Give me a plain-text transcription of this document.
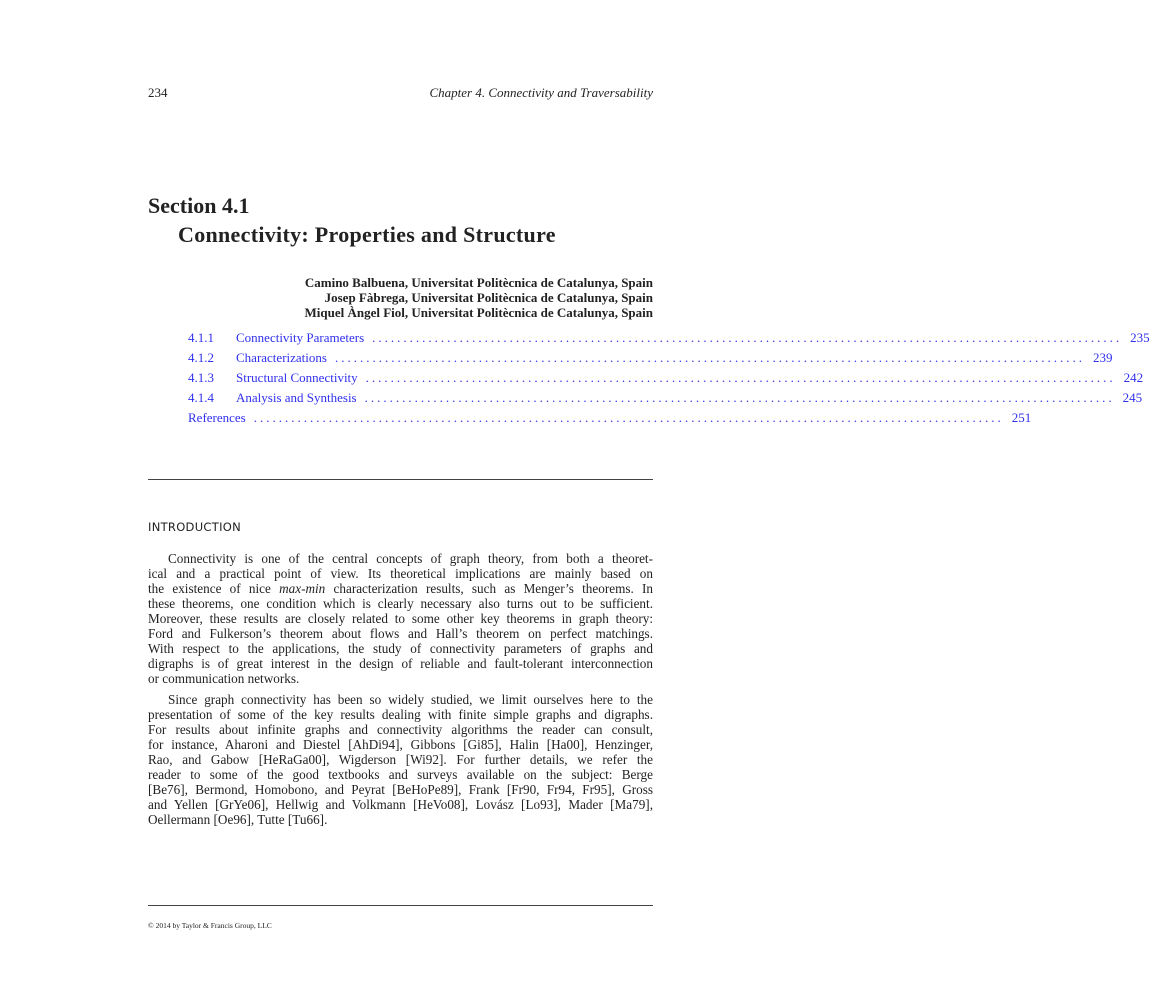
234	Chapter 4. Connectivity and Traversability
Section 4.1
Connectivity: Properties and Structure
Camino Balbuena, Universitat Politècnica de Catalunya, Spain
Josep Fàbrega, Universitat Politècnica de Catalunya, Spain
Miquel Àngel Fiol, Universitat Politècnica de Catalunya, Spain
4.1.1	Connectivity Parameters ........................................................................................................................ 235
4.1.2	Characterizations ........................................................................................................................ 239
4.1.3	Structural Connectivity ........................................................................................................................ 242
4.1.4	Analysis and Synthesis ........................................................................................................................ 245
References ........................................................................................................................ 251
INTRODUCTION
Connectivity is one of the central concepts of graph theory, from both a theoret-
ical and a practical point of view. Its theoretical implications are mainly based on
the existence of nice max-min characterization results, such as Menger’s theorems. In
these theorems, one condition which is clearly necessary also turns out to be sufficient.
Moreover, these results are closely related to some other key theorems in graph theory:
Ford and Fulkerson’s theorem about flows and Hall’s theorem on perfect matchings.
With respect to the applications, the study of connectivity parameters of graphs and
digraphs is of great interest in the design of reliable and fault-tolerant interconnection
or communication networks.
Since graph connectivity has been so widely studied, we limit ourselves here to the
presentation of some of the key results dealing with finite simple graphs and digraphs.
For results about infinite graphs and connectivity algorithms the reader can consult,
for instance, Aharoni and Diestel [AhDi94], Gibbons [Gi85], Halin [Ha00], Henzinger,
Rao, and Gabow [HeRaGa00], Wigderson [Wi92]. For further details, we refer the
reader to some of the good textbooks and surveys available on the subject: Berge
[Be76], Bermond, Homobono, and Peyrat [BeHoPe89], Frank [Fr90, Fr94, Fr95], Gross
and Yellen [GrYe06], Hellwig and Volkmann [HeVo08], Lovász [Lo93], Mader [Ma79],
Oellermann [Oe96], Tutte [Tu66].
© 2014 by Taylor & Francis Group, LLC
